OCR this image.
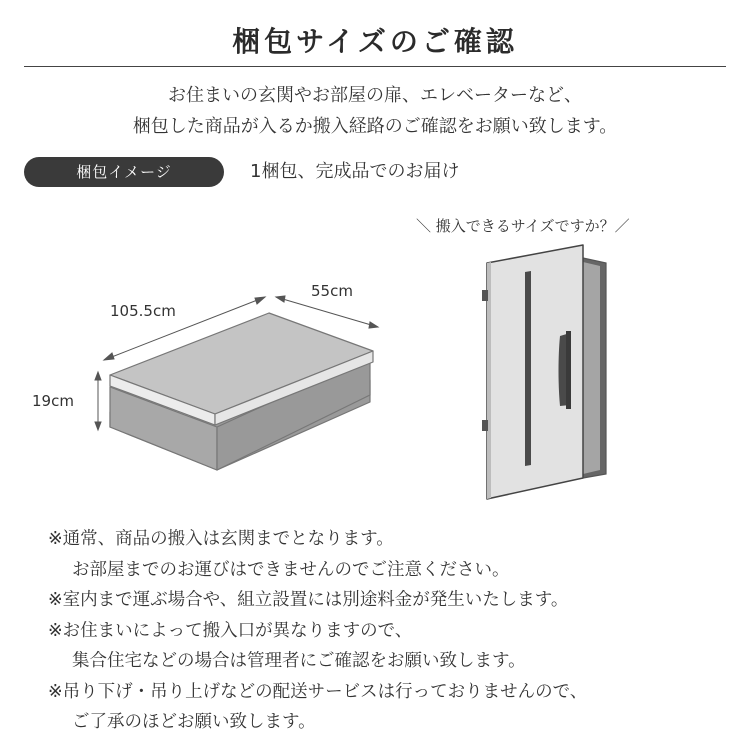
梱包サイズのご確認
お住まいの玄関やお部屋の扉、エレベーターなど、
梱包した商品が入るか搬入経路のご確認をお願い致します。
梱包イメージ	1梱包、完成品でのお届け
105.5cm
55cm
19cm
＼ 搬入できるサイズですか？／

※通常、商品の搬入は玄関までとなります。

お部屋までのお運びはできませんのでご注意ください。

※室内まで運ぶ場合や、組立設置には別途料金が発生いたします。

※お住まいによって搬入口が異なりますので、

集合住宅などの場合は管理者にご確認をお願い致します。

※吊り下げ・吊り上げなどの配送サービスは行っておりませんので、

ご了承のほどお願い致します。
